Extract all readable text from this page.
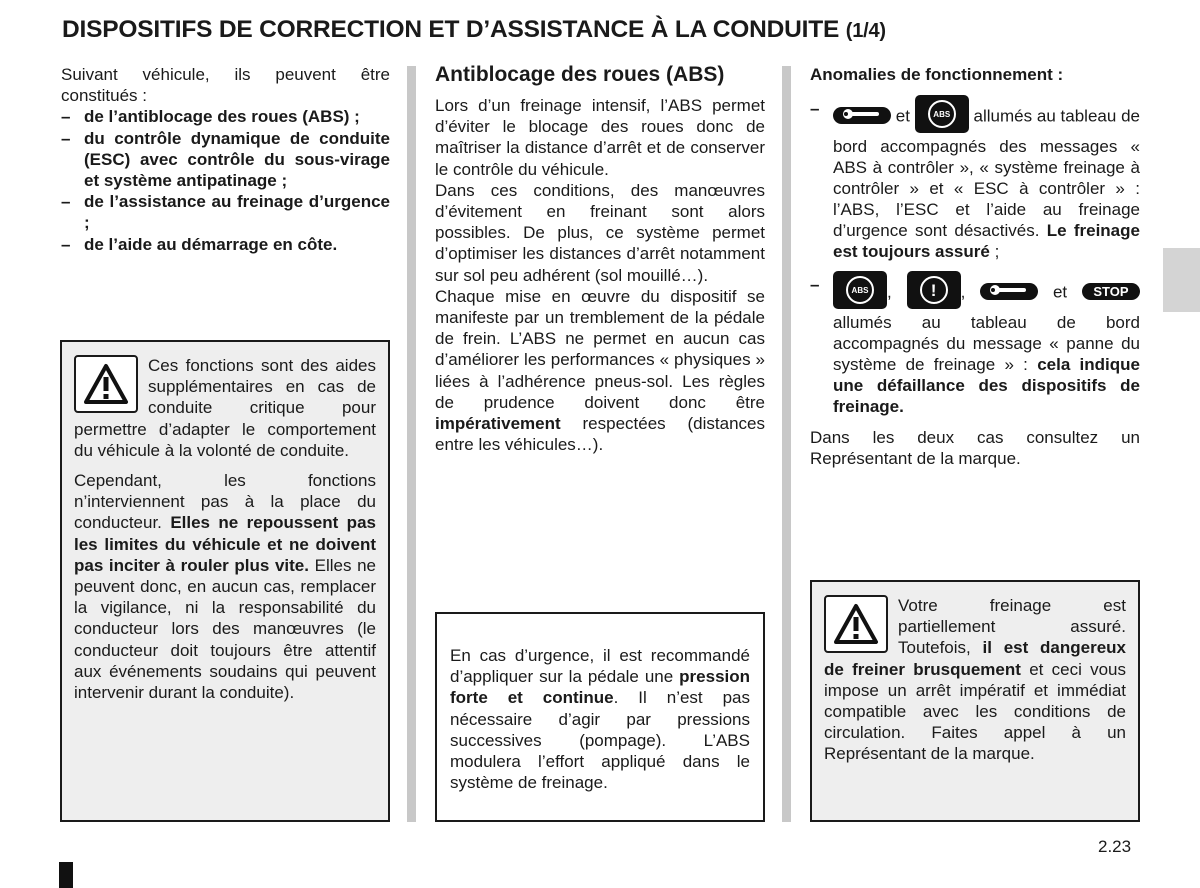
DISPOSITIFS DE CORRECTION ET D’ASSISTANCE À LA CONDUITE (1/4)

Suivant véhicule, ils peuvent être constitués :

– de l’antiblocage des roues (ABS) ;
– du contrôle dynamique de conduite (ESC) avec contrôle du sous-virage et système antipatinage ;
– de l’assistance au freinage d’urgence ;
– de l’aide au démarrage en côte.

Ces fonctions sont des aides supplémentaires en cas de conduite critique pour permettre d’adapter le comportement du véhicule à la volonté de conduite.

Cependant, les fonctions n’interviennent pas à la place du conducteur. Elles ne repoussent pas les limites du véhicule et ne doivent pas inciter à rouler plus vite. Elles ne peuvent donc, en aucun cas, remplacer la vigilance, ni la responsabilité du conducteur lors des manœuvres (le conducteur doit toujours être attentif aux événements soudains qui peuvent intervenir durant la conduite).

Antiblocage des roues (ABS)

Lors d’un freinage intensif, l’ABS permet d’éviter le blocage des roues donc de maîtriser la distance d’arrêt et de conserver le contrôle du véhicule.

Dans ces conditions, des manœuvres d’évitement en freinant sont alors possibles. De plus, ce système permet d’optimiser les distances d’arrêt notamment sur sol peu adhérent (sol mouillé…).

Chaque mise en œuvre du dispositif se manifeste par un tremblement de la pédale de frein. L’ABS ne permet en aucun cas d’améliorer les performances « physiques » liées à l’adhérence pneus-sol. Les règles de prudence doivent donc être impérativement respectées (distances entre les véhicules…).

En cas d’urgence, il est recommandé d’appliquer sur la pédale une pression forte et continue. Il n’est pas nécessaire d’agir par pressions successives (pompage). L’ABS modulera l’effort appliqué dans le système de freinage.

Anomalies de fonctionnement :
– et	ABS	allumés au tableau de bord accompagnés des messages « ABS à contrôler », « système freinage à contrôler » et « ESC à contrôler » : l’ABS, l’ESC et l’aide au freinage d’urgence sont désactivés. Le freinage est toujours assuré ;
– ABS	,	!	,	et STOP allumés au tableau de bord accompagnés du message « panne du système de freinage » : cela indique une défaillance des dispositifs de freinage.

Dans les deux cas consultez un Représentant de la marque.

Votre freinage est partiellement assuré. Toutefois, il est dangereux de freiner brusquement et ceci vous impose un arrêt impératif et immédiat compatible avec les conditions de circulation. Faites appel à un Représentant de la marque.

2.23
